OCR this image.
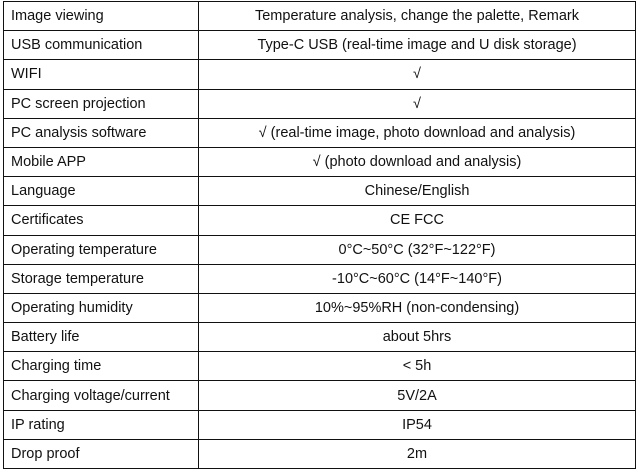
Image viewing	Temperature analysis, change the palette, Remark
USB communication	Type-C USB (real-time image and U disk storage)
WIFI	√
PC screen projection	√
PC analysis software	√ (real-time image, photo download and analysis)
Mobile APP	√ (photo download and analysis)
Language	Chinese/English
Certificates	CE FCC
Operating temperature	0°C~50°C (32°F~122°F)
Storage temperature	-10°C~60°C (14°F~140°F)
Operating humidity	10%~95%RH (non-condensing)
Battery life	about 5hrs
Charging time	< 5h
Charging voltage/current	5V/2A
IP rating	IP54
Drop proof	2m
